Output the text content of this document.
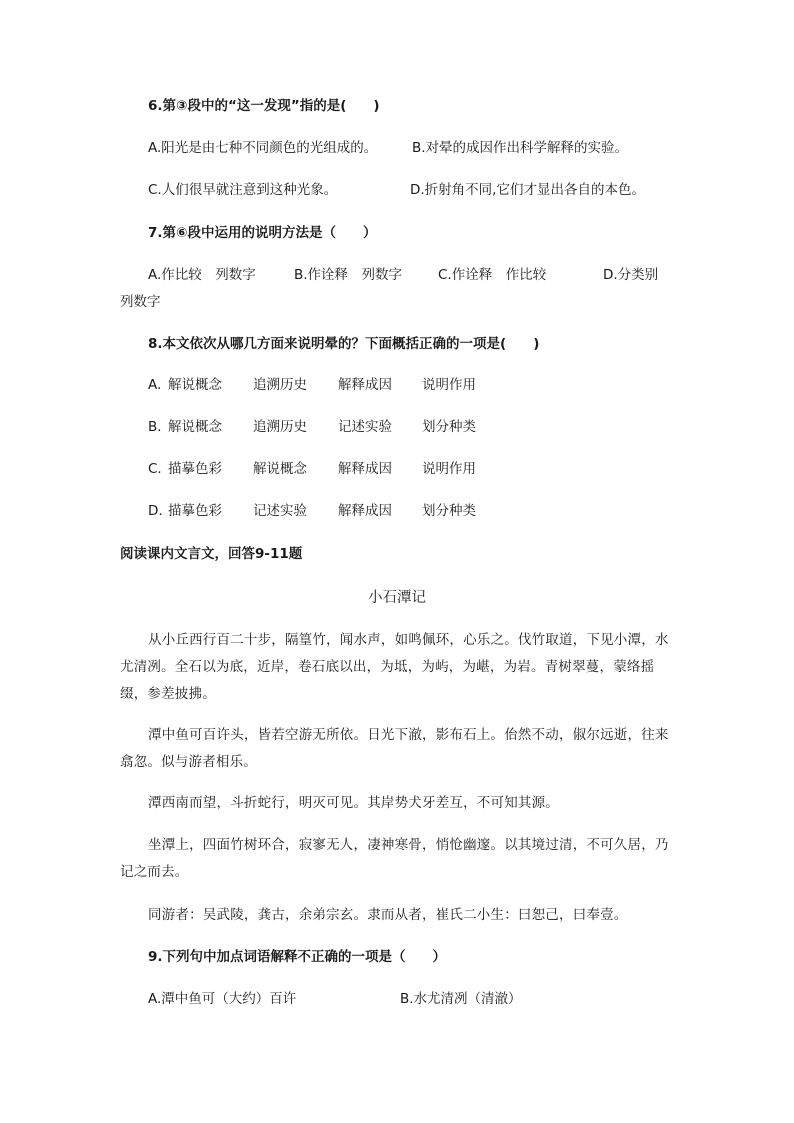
6.第③段中的“这一发现”指的是(　　)
A.阳光是由七种不同颜色的光组成的。	B.对晕的成因作出科学解释的实验。
C.人们很早就注意到这种光象。	D.折射角不同,它们才显出各自的本色。
7.第⑥段中运用的说明方法是（　　）
A.作比较　列数字	B.作诠释　列数字	C.作诠释　作比较	D.分类别
列数字
8.本文依次从哪几方面来说明晕的？下面概括正确的一项是(　　)
A. 解说概念 追溯历史 解释成因 说明作用
B. 解说概念 追溯历史 记述实验 划分种类
C. 描摹色彩 解说概念 解释成因 说明作用
D. 描摹色彩 记述实验 解释成因 划分种类
阅读课内文言文，回答9-11题
小石潭记
从小丘西行百二十步，隔篁竹，闻水声，如鸣佩环，心乐之。伐竹取道，下见小潭，水尤清冽。全石以为底，近岸，卷石底以出，为坻，为屿，为嵁，为岩。青树翠蔓，蒙络摇缀，参差披拂。
潭中鱼可百许头，皆若空游无所依。日光下澈，影布石上。佁然不动，俶尔远逝，往来翕忽。似与游者相乐。
潭西南而望，斗折蛇行，明灭可见。其岸势犬牙差互，不可知其源。
坐潭上，四面竹树环合，寂寥无人，凄神寒骨，悄怆幽邃。以其境过清，不可久居，乃记之而去。
同游者：吴武陵，龚古，余弟宗玄。隶而从者，崔氏二小生：曰恕己，曰奉壹。
9.下列句中加点词语解释不正确的一项是（　　）
A.潭中鱼可（大约）百许	B.水尤清冽（清澈）
